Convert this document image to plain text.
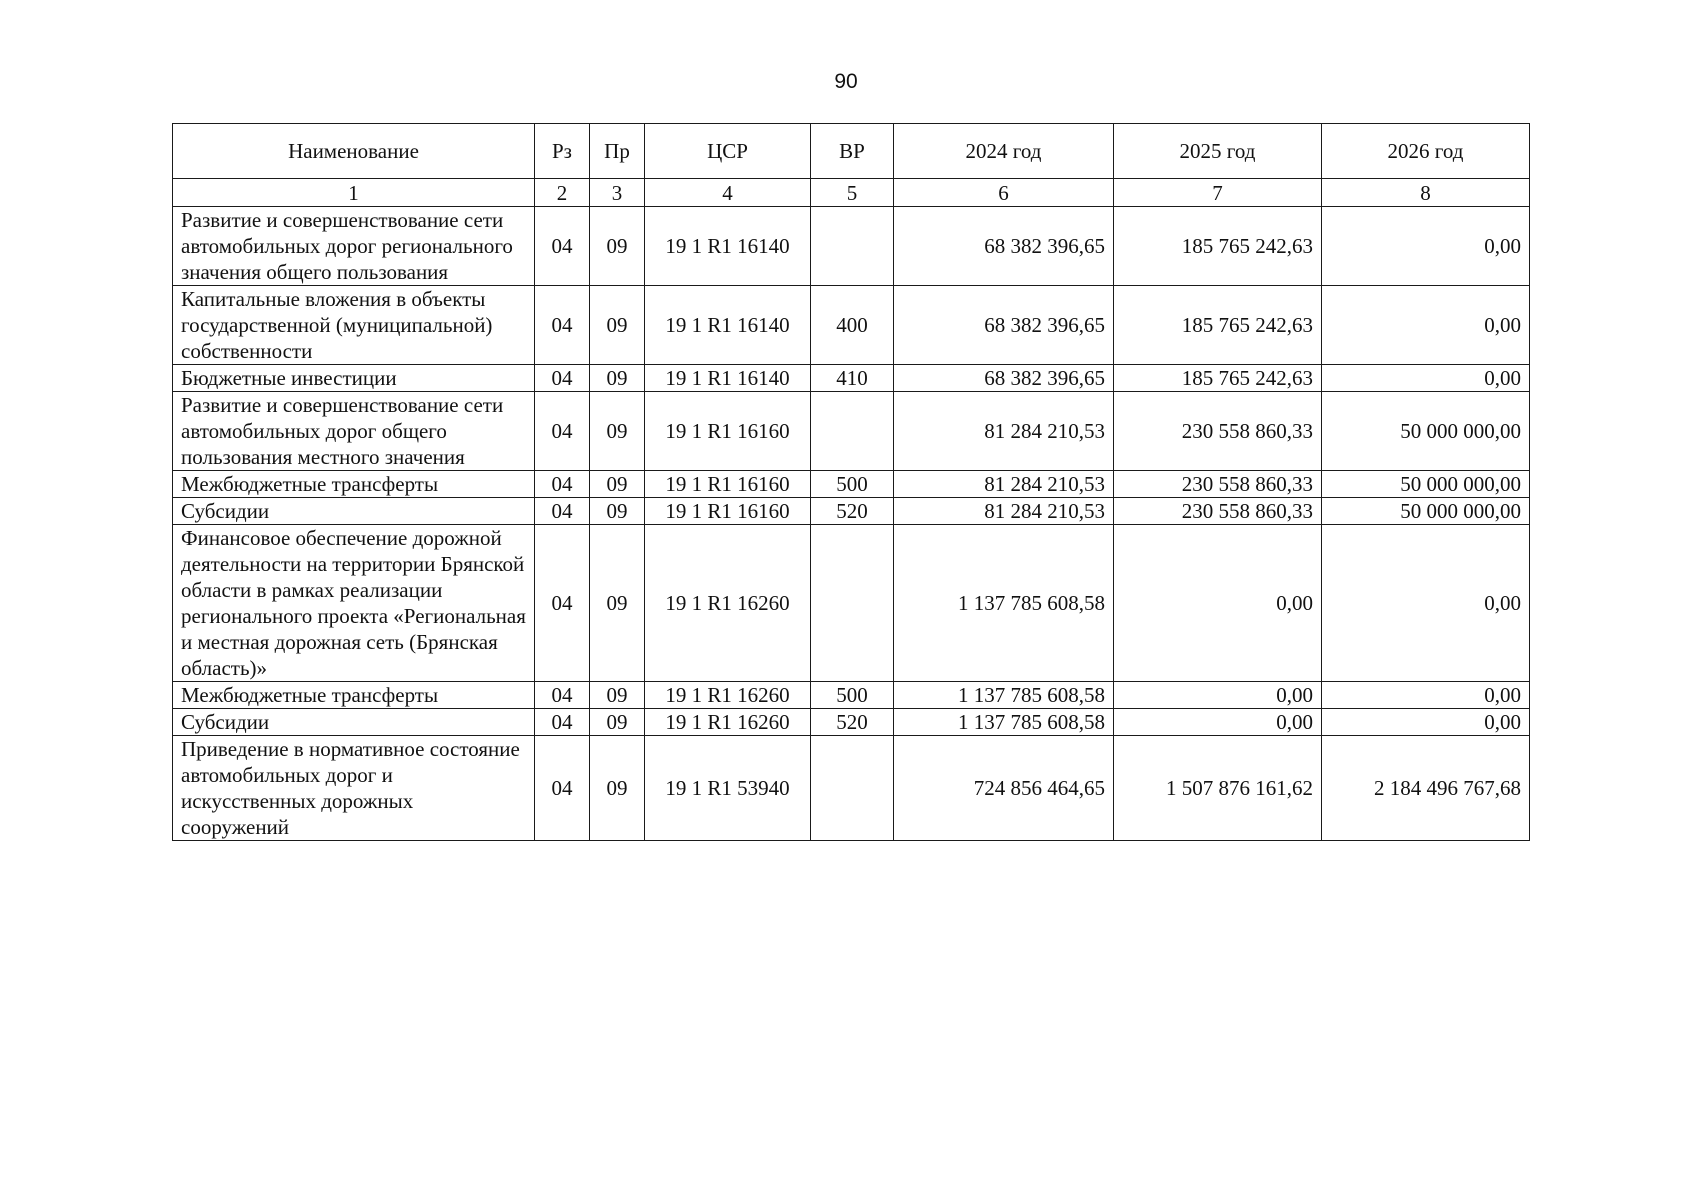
90
Наименование	Рз	Пр	ЦСР	ВР	2024 год	2025 год	2026 год
1	2	3	4	5	6	7	8
Развитие и совершенствование сети автомобильных дорог регионального значения общего пользования	04	09	19 1 R1 16140		68 382 396,65	185 765 242,63	0,00
Капитальные вложения в объекты государственной (муниципальной) собственности	04	09	19 1 R1 16140	400	68 382 396,65	185 765 242,63	0,00
Бюджетные инвестиции	04	09	19 1 R1 16140	410	68 382 396,65	185 765 242,63	0,00
Развитие и совершенствование сети автомобильных дорог общего пользования местного значения	04	09	19 1 R1 16160		81 284 210,53	230 558 860,33	50 000 000,00
Межбюджетные трансферты	04	09	19 1 R1 16160	500	81 284 210,53	230 558 860,33	50 000 000,00
Субсидии	04	09	19 1 R1 16160	520	81 284 210,53	230 558 860,33	50 000 000,00
Финансовое обеспечение дорожной деятельности на территории Брянской области в рамках реализации регионального проекта «Региональная и местная дорожная сеть (Брянская область)»	04	09	19 1 R1 16260		1 137 785 608,58	0,00	0,00
Межбюджетные трансферты	04	09	19 1 R1 16260	500	1 137 785 608,58	0,00	0,00
Субсидии	04	09	19 1 R1 16260	520	1 137 785 608,58	0,00	0,00
Приведение в нормативное состояние автомобильных дорог и искусственных дорожных сооружений	04	09	19 1 R1 53940		724 856 464,65	1 507 876 161,62	2 184 496 767,68
